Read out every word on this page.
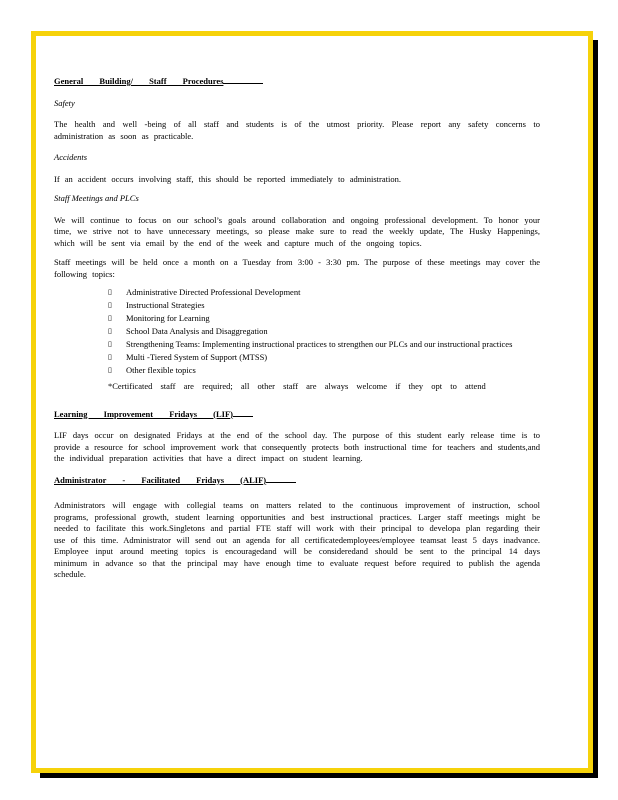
General Building/ Staff Procedures
Safety

The health and well -being of all staff and students is of the utmost priority. Please report any safety concerns to administration as soon as practicable.

Accidents

If an accident occurs involving staff, this should be reported immediately to administration.

Staff Meetings and PLCs

We will continue to focus on our school’s goals around collaboration and ongoing professional development. To honor your time, we strive not to have unnecessary meetings, so please make sure to read the weekly update, The Husky Happenings, which will be sent via email by the end of the week and capture much of the ongoing topics.

Staff meetings will be held once a month on a Tuesday from 3:00 - 3:30 pm. The purpose of these meetings may cover the following topics:

▯	Administrative Directed Professional Development
▯	Instructional Strategies
▯	Monitoring for Learning
▯	School Data Analysis and Disaggregation
▯	Strengthening Teams: Implementing instructional practices to strengthen our PLCs and our instructional practices
▯	Multi -Tiered System of Support (MTSS)
▯	Other flexible topics
*Certificated staff are required; all other staff are always welcome if they opt to attend
Learning Improvement Fridays (LIF)

LIF days occur on designated Fridays at the end of the school day. The purpose of this student early release time is to provide a resource for school improvement work that consequently protects both instructional time for teachers and students,and the individual preparation activities that have a direct impact on student learning.

Administrator - Facilitated Fridays (ALIF)

Administrators will engage with collegial teams on matters related to the continuous improvement of instruction, school programs, professional growth, student learning opportunities and best instructional practices. Larger staff meetings might be needed to facilitate this work.Singletons and partial FTE staff will work with their principal to developa plan regarding their use of this time. Administrator will send out an agenda for all certificatedemployees/employee teamsat least 5 days inadvance. Employee input around meeting topics is encouragedand will be consideredand should be sent to the principal 14 days minimum in advance so that the principal may have enough time to evaluate request before required to publish the agenda schedule.
